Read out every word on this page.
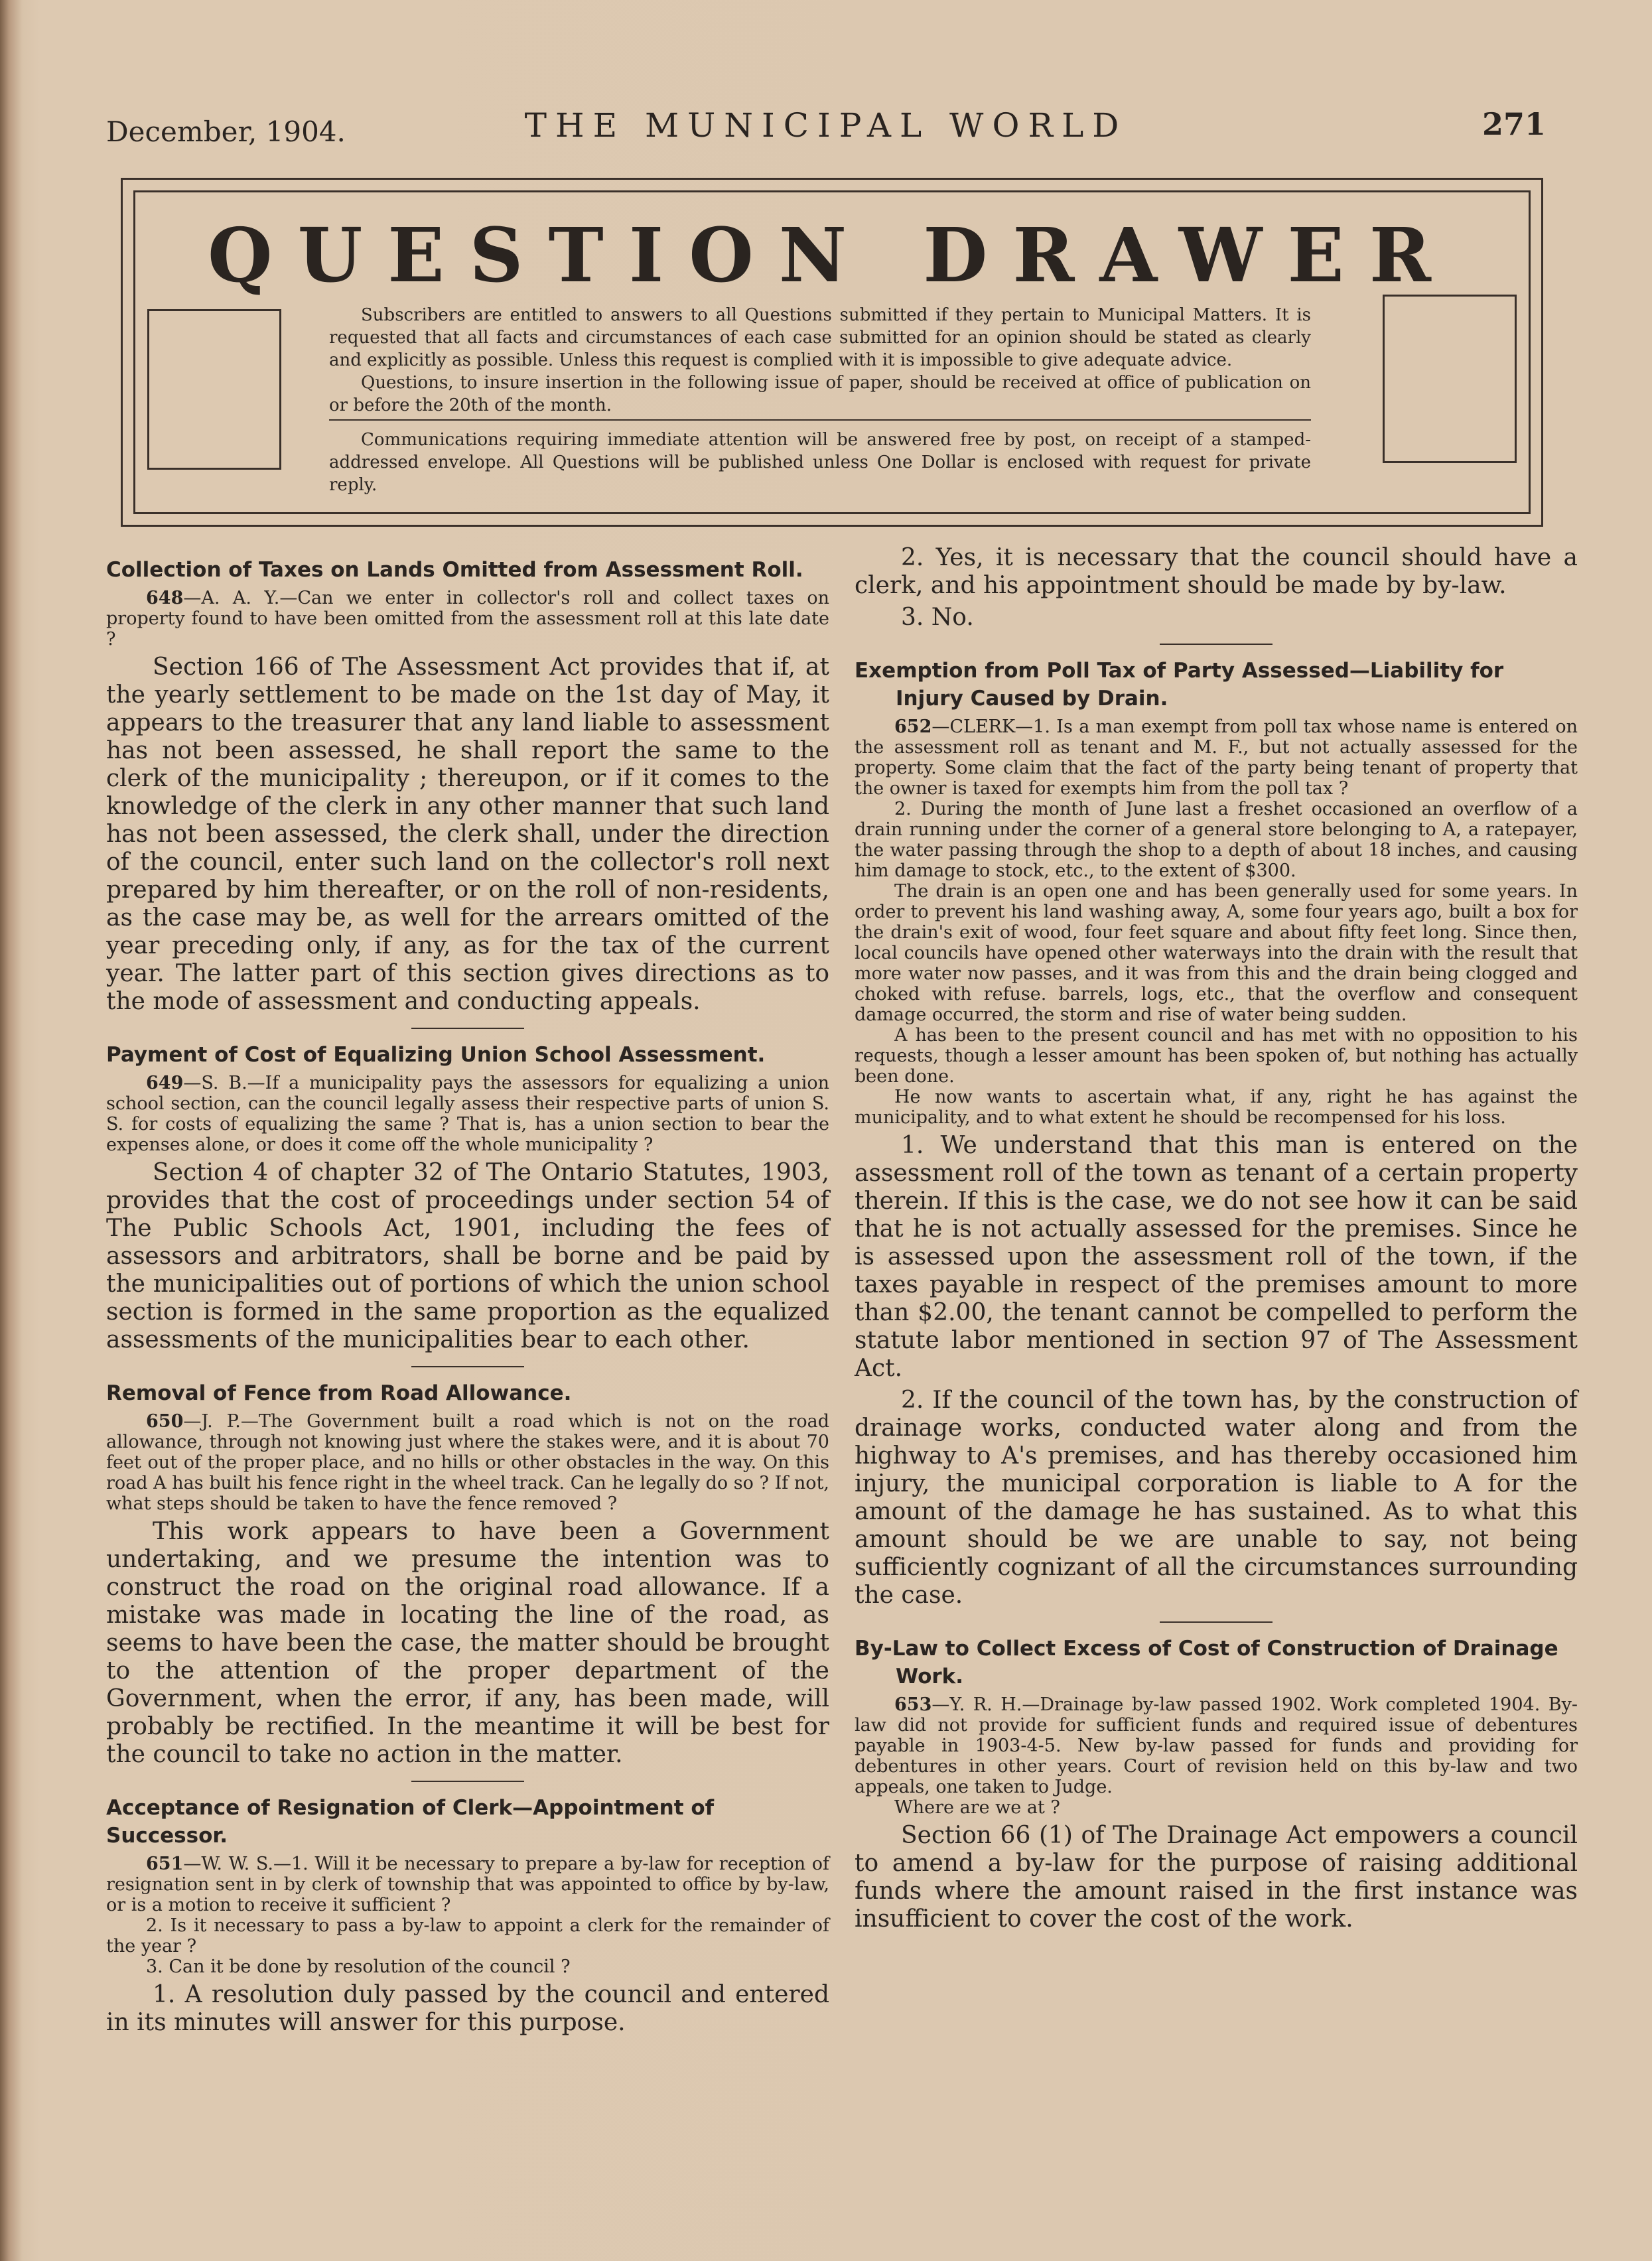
December, 1904.	THE MUNICIPAL WORLD	271
QUESTION DRAWER

Subscribers are entitled to answers to all Questions submitted if they pertain to Municipal Matters. It is requested that all facts and circumstances of each case submitted for an opinion should be stated as clearly and explicitly as possible. Unless this request is complied with it is impossible to give adequate advice.

Questions, to insure insertion in the following issue of paper, should be received at office of publication on or before the 20th of the month.

Communications requiring immediate attention will be answered free by post, on receipt of a stamped-addressed envelope. All Questions will be published unless One Dollar is enclosed with request for private reply.
Collection of Taxes on Lands Omitted from Assessment Roll.

648—A. A. Y.—Can we enter in collector's roll and collect taxes on property found to have been omitted from the assessment roll at this late date ?

Section 166 of The Assessment Act provides that if, at the yearly settlement to be made on the 1st day of May, it appears to the treasurer that any land liable to assessment has not been assessed, he shall report the same to the clerk of the municipality ; thereupon, or if it comes to the knowledge of the clerk in any other manner that such land has not been assessed, the clerk shall, under the direction of the council, enter such land on the collector's roll next prepared by him thereafter, or on the roll of non-residents, as the case may be, as well for the arrears omitted of the year preceding only, if any, as for the tax of the current year. The latter part of this section gives directions as to the mode of assessment and conducting appeals.

Payment of Cost of Equalizing Union School Assessment.

649—S. B.—If a municipality pays the assessors for equalizing a union school section, can the council legally assess their respective parts of union S. S. for costs of equalizing the same ? That is, has a union section to bear the expenses alone, or does it come off the whole municipality ?

Section 4 of chapter 32 of The Ontario Statutes, 1903, provides that the cost of proceedings under section 54 of The Public Schools Act, 1901, including the fees of assessors and arbitrators, shall be borne and be paid by the municipalities out of portions of which the union school section is formed in the same proportion as the equalized assessments of the municipalities bear to each other.

Removal of Fence from Road Allowance.

650—J. P.—The Government built a road which is not on the road allowance, through not knowing just where the stakes were, and it is about 70 feet out of the proper place, and no hills or other obstacles in the way. On this road A has built his fence right in the wheel track. Can he legally do so ? If not, what steps should be taken to have the fence removed ?

This work appears to have been a Government undertaking, and we presume the intention was to construct the road on the original road allowance. If a mistake was made in locating the line of the road, as seems to have been the case, the matter should be brought to the attention of the proper department of the Government, when the error, if any, has been made, will probably be rectified. In the meantime it will be best for the council to take no action in the matter.

Acceptance of Resignation of Clerk—Appointment of Successor.

651—W. W. S.—1. Will it be necessary to prepare a by-law for reception of resignation sent in by clerk of township that was appointed to office by by-law, or is a motion to receive it sufficient ?

2. Is it necessary to pass a by-law to appoint a clerk for the remainder of the year ?

3. Can it be done by resolution of the council ?

1. A resolution duly passed by the council and entered in its minutes will answer for this purpose.

2. Yes, it is necessary that the council should have a clerk, and his appointment should be made by by-law.

3. No.

Exemption from Poll Tax of Party Assessed—Liability for Injury Caused by Drain.

652—CLERK—1. Is a man exempt from poll tax whose name is entered on the assessment roll as tenant and M. F., but not actually assessed for the property. Some claim that the fact of the party being tenant of property that the owner is taxed for exempts him from the poll tax ?

2. During the month of June last a freshet occasioned an overflow of a drain running under the corner of a general store belonging to A, a ratepayer, the water passing through the shop to a depth of about 18 inches, and causing him damage to stock, etc., to the extent of $300.

The drain is an open one and has been generally used for some years. In order to prevent his land washing away, A, some four years ago, built a box for the drain's exit of wood, four feet square and about fifty feet long. Since then, local councils have opened other waterways into the drain with the result that more water now passes, and it was from this and the drain being clogged and choked with refuse. barrels, logs, etc., that the overflow and consequent damage occurred, the storm and rise of water being sudden.

A has been to the present council and has met with no opposition to his requests, though a lesser amount has been spoken of, but nothing has actually been done.

He now wants to ascertain what, if any, right he has against the municipality, and to what extent he should be recompensed for his loss.

1. We understand that this man is entered on the assessment roll of the town as tenant of a certain property therein. If this is the case, we do not see how it can be said that he is not actually assessed for the premises. Since he is assessed upon the assessment roll of the town, if the taxes payable in respect of the premises amount to more than $2.00, the tenant cannot be compelled to perform the statute labor mentioned in section 97 of The Assessment Act.

2. If the council of the town has, by the construction of drainage works, conducted water along and from the highway to A's premises, and has thereby occasioned him injury, the municipal corporation is liable to A for the amount of the damage he has sustained. As to what this amount should be we are unable to say, not being sufficiently cognizant of all the circumstances surrounding the case.

By-Law to Collect Excess of Cost of Construction of Drainage Work.

653—Y. R. H.—Drainage by-law passed 1902. Work completed 1904. By-law did not provide for sufficient funds and required issue of debentures payable in 1903-4-5. New by-law passed for funds and providing for debentures in other years. Court of revision held on this by-law and two appeals, one taken to Judge.

Where are we at ?

Section 66 (1) of The Drainage Act empowers a council to amend a by-law for the purpose of raising additional funds where the amount raised in the first instance was insufficient to cover the cost of the work.
